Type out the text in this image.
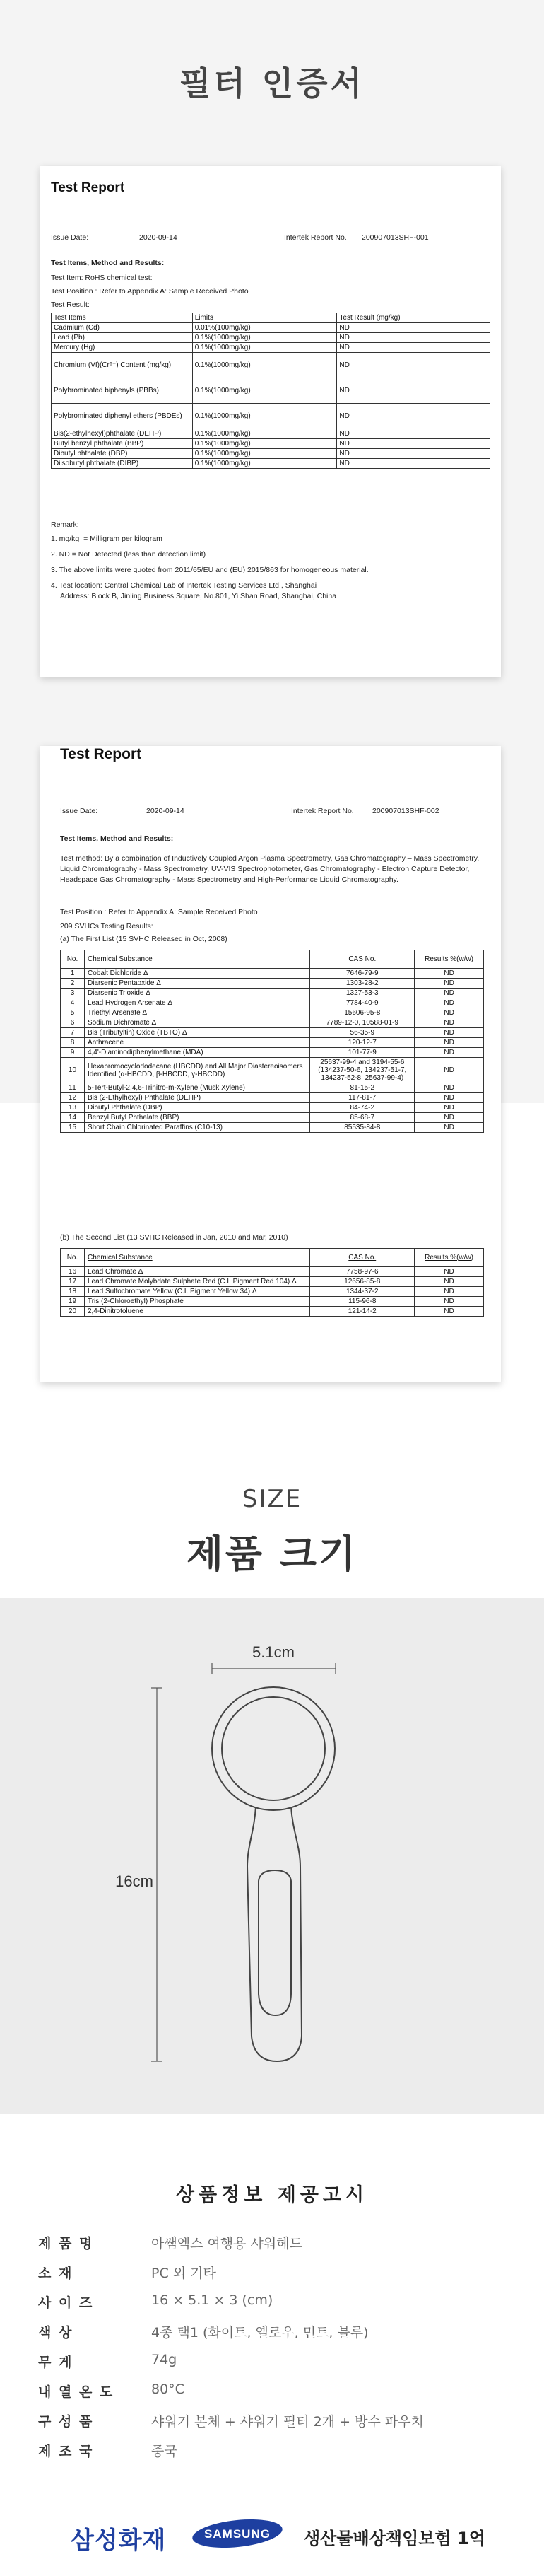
필터 인증서
Test Report
Issue Date:	2020-09-14	Intertek Report No. 200907013SHF-001
Test Items, Method and Results:
Test Item: RoHS chemical test:
Test Position : Refer to Appendix A: Sample Received Photo
Test Result:
Test Items	Limits	Test Result (mg/kg)
Cadmium (Cd)	0.01%(100mg/kg)	ND
Lead (Pb)	0.1%(1000mg/kg)	ND
Mercury (Hg)	0.1%(1000mg/kg)	ND
Chromium (VI)(Cr⁶⁺) Content (mg/kg)	0.1%(1000mg/kg)	ND
Polybrominated biphenyls (PBBs)	0.1%(1000mg/kg)	ND
Polybrominated diphenyl ethers (PBDEs)	0.1%(1000mg/kg)	ND
Bis(2-ethylhexyl)phthalate (DEHP)	0.1%(1000mg/kg)	ND
Butyl benzyl phthalate (BBP)	0.1%(1000mg/kg)	ND
Dibutyl phthalate (DBP)	0.1%(1000mg/kg)	ND
Diisobutyl phthalate (DIBP)	0.1%(1000mg/kg)	ND
Remark:
1. mg/kg  = Milligram per kilogram
2. ND = Not Detected (less than detection limit)
3. The above limits were quoted from 2011/65/EU and (EU) 2015/863 for homogeneous material.
4. Test location: Central Chemical Lab of Intertek Testing Services Ltd., Shanghai
Address: Block B, Jinling Business Square, No.801, Yi Shan Road, Shanghai, China
Test Report
Issue Date:	2020-09-14	Intertek Report No.	200907013SHF-002
Test Items, Method and Results:
Test method: By a combination of Inductively Coupled Argon Plasma Spectrometry, Gas Chromatography – Mass Spectrometry, Liquid Chromatography - Mass Spectrometry, UV-VIS Spectrophotometer, Gas Chromatography - Electron Capture Detector, Headspace Gas Chromatography - Mass Spectrometry and High-Performance Liquid Chromatography.
Test Position : Refer to Appendix A: Sample Received Photo
209 SVHCs Testing Results:
(a) The First List (15 SVHC Released in Oct, 2008)
No.	Chemical Substance	CAS No.	Results %(w/w)
1	Cobalt Dichloride Δ	7646-79-9	ND
2	Diarsenic Pentaoxide Δ	1303-28-2	ND
3	Diarsenic Trioxide Δ	1327-53-3	ND
4	Lead Hydrogen Arsenate Δ	7784-40-9	ND
5	Triethyl Arsenate Δ	15606-95-8	ND
6	Sodium Dichromate Δ	7789-12-0, 10588-01-9	ND
7	Bis (Tributyltin) Oxide (TBTO) Δ	56-35-9	ND
8	Anthracene	120-12-7	ND
9	4,4'-Diaminodiphenylmethane (MDA)	101-77-9	ND
10	Hexabromocyclododecane (HBCDD) and All Major Diastereoisomers Identified (α-HBCDD, β-HBCDD, γ-HBCDD)	25637-99-4 and 3194-55-6 (134237-50-6, 134237-51-7, 134237-52-8, 25637-99-4)	ND
11	5-Tert-Butyl-2,4,6-Trinitro-m-Xylene (Musk Xylene)	81-15-2	ND
12	Bis (2-Ethylhexyl) Phthalate (DEHP)	117-81-7	ND
13	Dibutyl Phthalate (DBP)	84-74-2	ND
14	Benzyl Butyl Phthalate (BBP)	85-68-7	ND
15	Short Chain Chlorinated Paraffins (C10-13)	85535-84-8	ND
(b) The Second List (13 SVHC Released in Jan, 2010 and Mar, 2010)
No.	Chemical Substance	CAS No.	Results %(w/w)
16	Lead Chromate Δ	7758-97-6	ND
17	Lead Chromate Molybdate Sulphate Red (C.I. Pigment Red 104) Δ	12656-85-8	ND
18	Lead Sulfochromate Yellow (C.I. Pigment Yellow 34) Δ	1344-37-2	ND
19	Tris (2-Chloroethyl) Phosphate	115-96-8	ND
20	2,4-Dinitrotoluene	121-14-2	ND
SIZE
제품 크기
5.1cm
16cm
상품정보 제공고시
제 품 명	아쌤엑스 여행용 샤워헤드
소 재	PC 외 기타
사 이 즈	16 × 5.1 × 3 (cm)
색 상	4종 택1 (화이트, 옐로우, 민트, 블루)
무 게	74g
내 열 온 도	80°C
구 성 품	샤워기 본체 + 샤워기 필터 2개 + 방수 파우치
제 조 국	중국
삼성화재	SAMSUNG 생산물배상책임보험 1억
